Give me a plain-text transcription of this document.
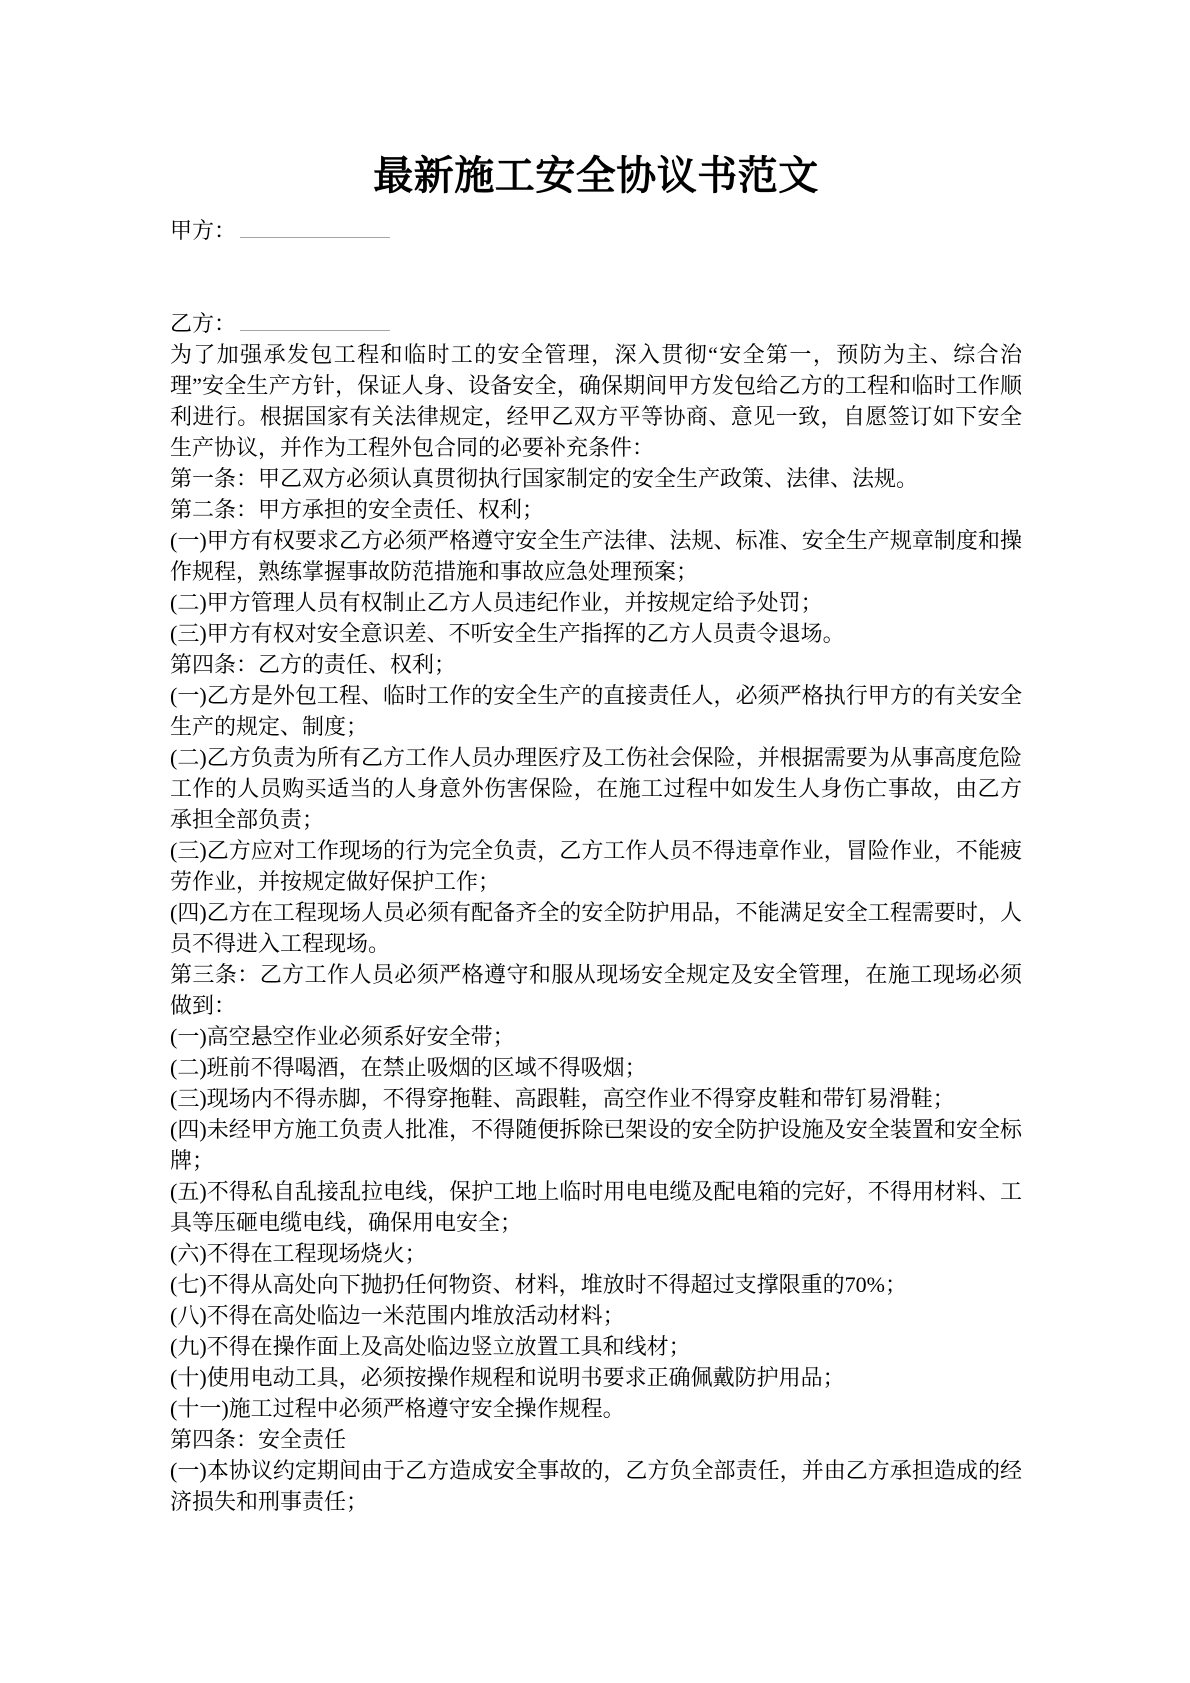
最新施工安全协议书范文

甲方：

乙方：

为了加强承发包工程和临时工的安全管理，深入贯彻“安全第一，预防为主、综合治理”安全生产方针，保证人身、设备安全，确保期间甲方发包给乙方的工程和临时工作顺利进行。根据国家有关法律规定，经甲乙双方平等协商、意见一致，自愿签订如下安全生产协议，并作为工程外包合同的必要补充条件：

第一条：甲乙双方必须认真贯彻执行国家制定的安全生产政策、法律、法规。

第二条：甲方承担的安全责任、权利；

(一)甲方有权要求乙方必须严格遵守安全生产法律、法规、标准、安全生产规章制度和操作规程，熟练掌握事故防范措施和事故应急处理预案；

(二)甲方管理人员有权制止乙方人员违纪作业，并按规定给予处罚；

(三)甲方有权对安全意识差、不听安全生产指挥的乙方人员责令退场。

第四条：乙方的责任、权利；

(一)乙方是外包工程、临时工作的安全生产的直接责任人，必须严格执行甲方的有关安全生产的规定、制度；

(二)乙方负责为所有乙方工作人员办理医疗及工伤社会保险，并根据需要为从事高度危险工作的人员购买适当的人身意外伤害保险，在施工过程中如发生人身伤亡事故，由乙方承担全部负责；

(三)乙方应对工作现场的行为完全负责，乙方工作人员不得违章作业，冒险作业，不能疲劳作业，并按规定做好保护工作；

(四)乙方在工程现场人员必须有配备齐全的安全防护用品，不能满足安全工程需要时，人员不得进入工程现场。

第三条：乙方工作人员必须严格遵守和服从现场安全规定及安全管理，在施工现场必须做到：

(一)高空悬空作业必须系好安全带；

(二)班前不得喝酒，在禁止吸烟的区域不得吸烟；

(三)现场内不得赤脚，不得穿拖鞋、高跟鞋，高空作业不得穿皮鞋和带钉易滑鞋；

(四)未经甲方施工负责人批准，不得随便拆除已架设的安全防护设施及安全装置和安全标牌；

(五)不得私自乱接乱拉电线，保护工地上临时用电电缆及配电箱的完好，不得用材料、工具等压砸电缆电线，确保用电安全；

(六)不得在工程现场烧火；

(七)不得从高处向下抛扔任何物资、材料，堆放时不得超过支撑限重的70%；

(八)不得在高处临边一米范围内堆放活动材料；

(九)不得在操作面上及高处临边竖立放置工具和线材；

(十)使用电动工具，必须按操作规程和说明书要求正确佩戴防护用品；

(十一)施工过程中必须严格遵守安全操作规程。

第四条：安全责任

(一)本协议约定期间由于乙方造成安全事故的，乙方负全部责任，并由乙方承担造成的经济损失和刑事责任；
